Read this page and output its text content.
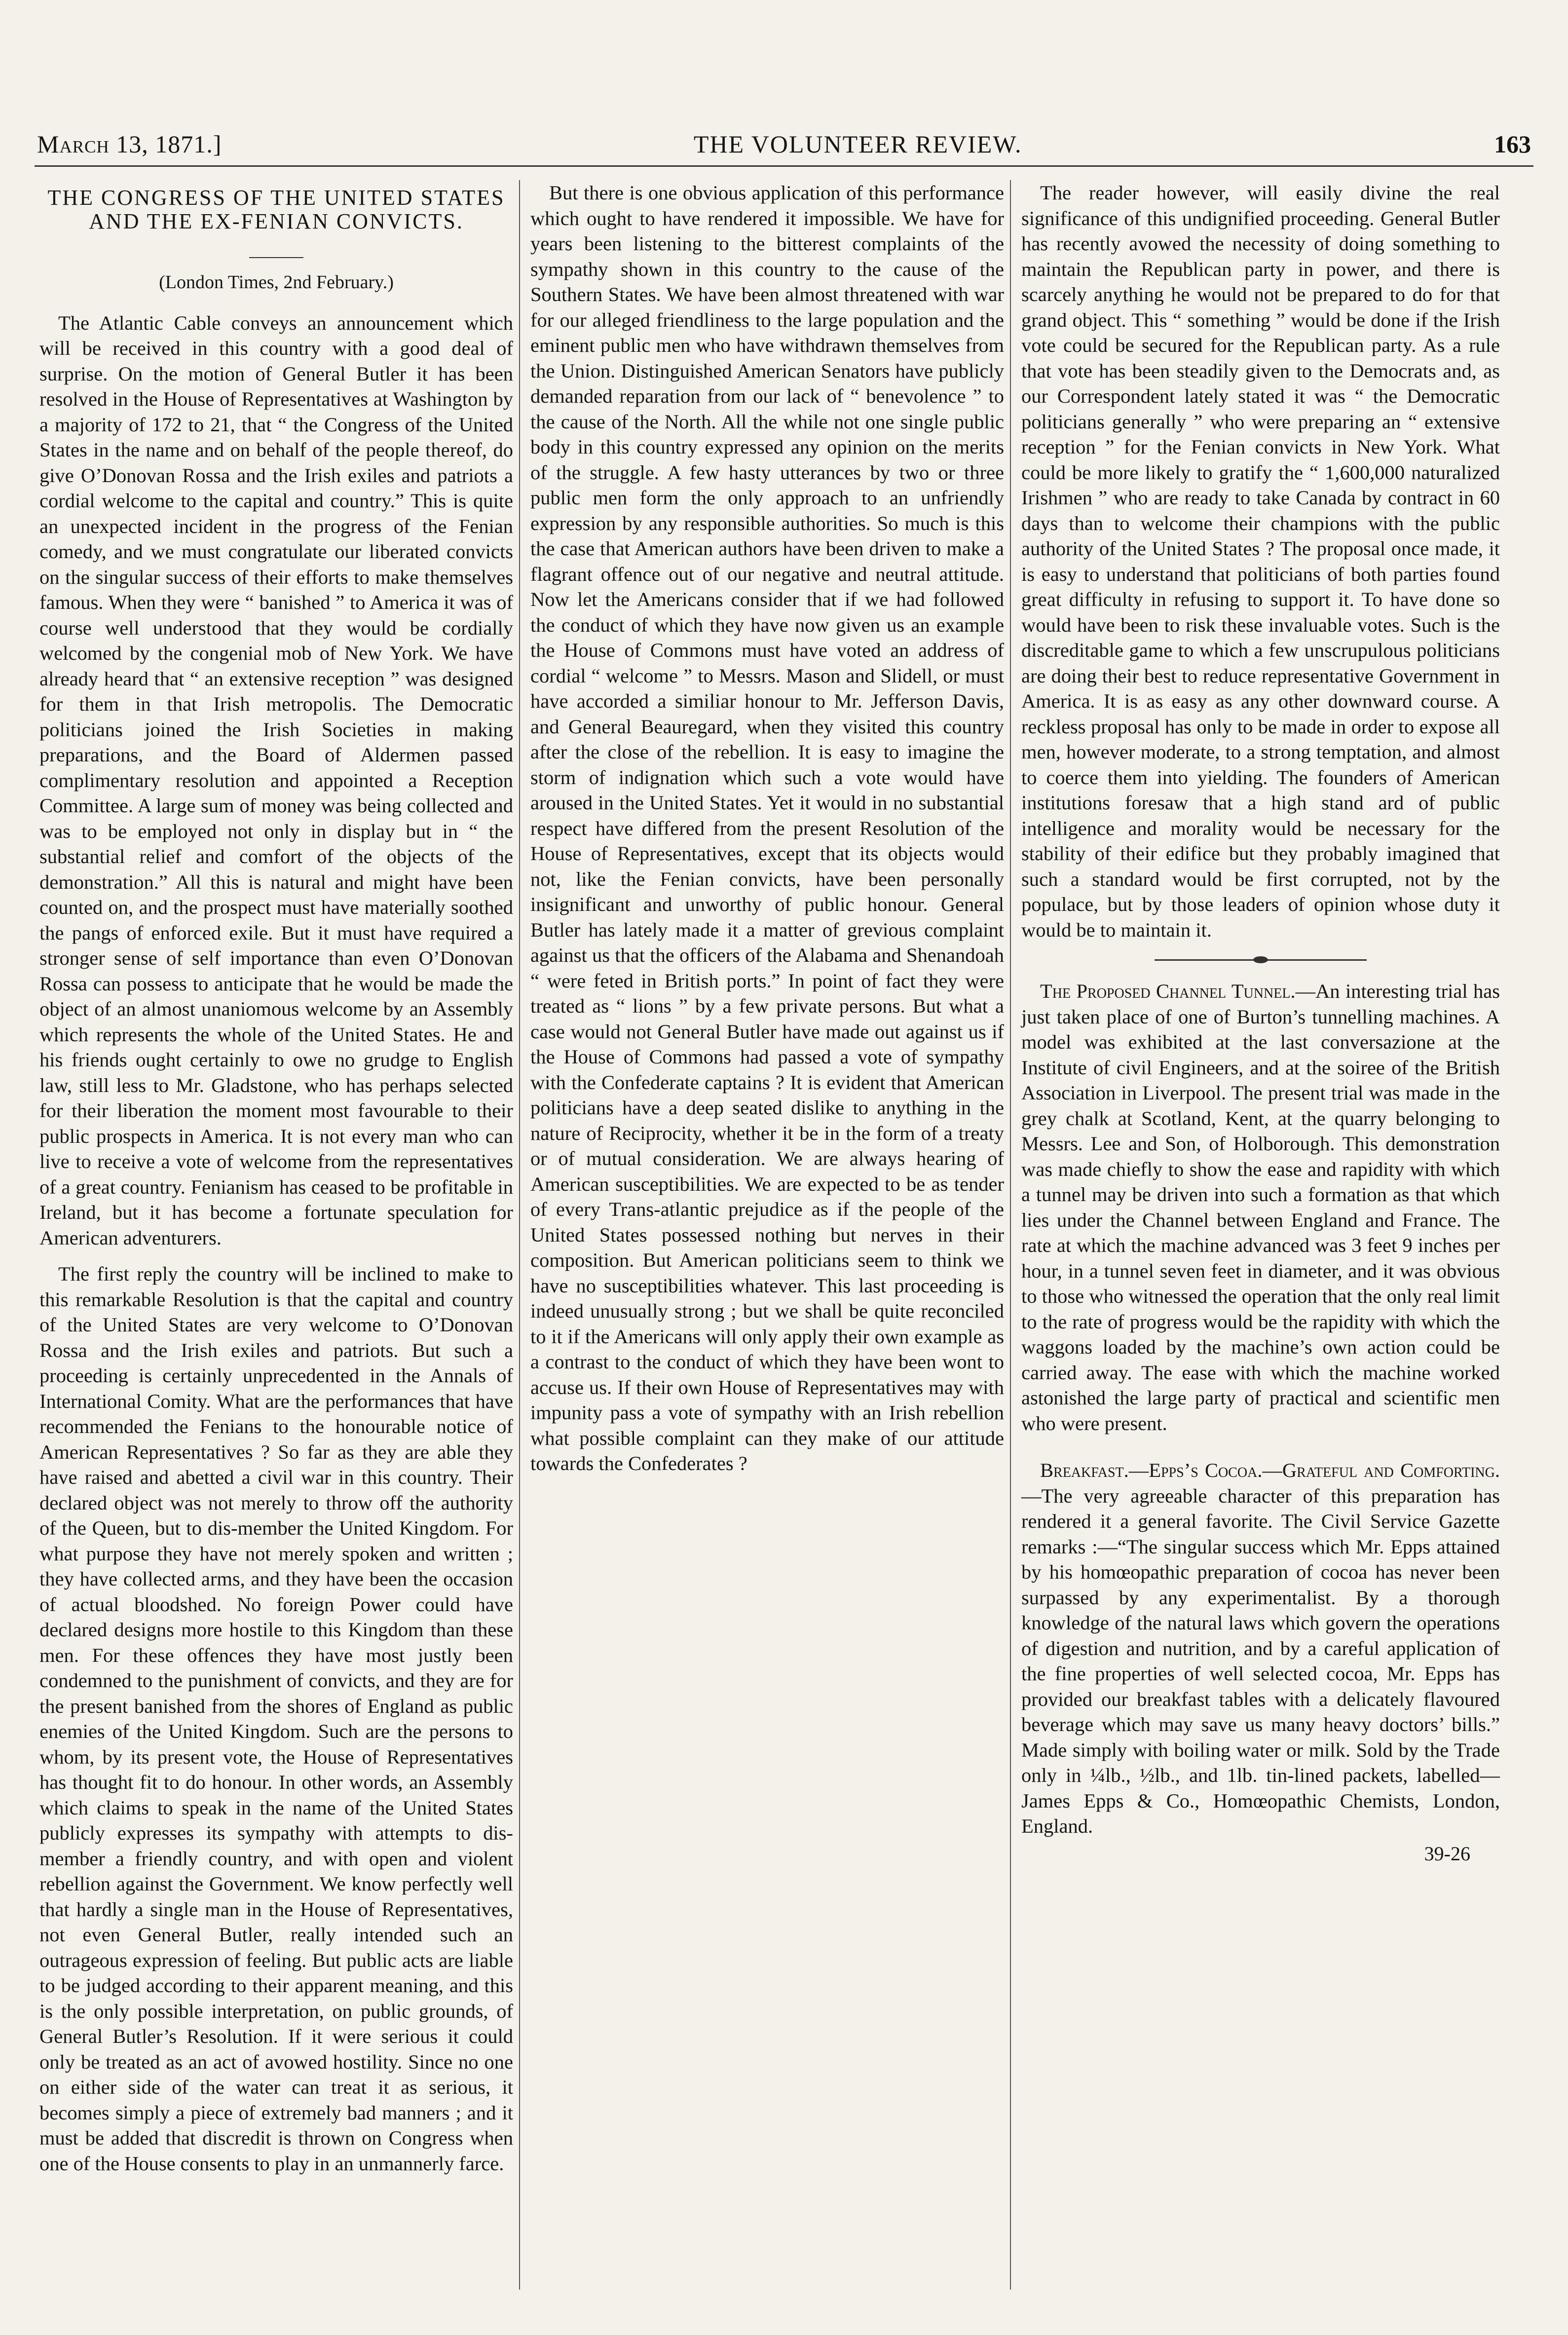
March 13, 1871.]	THE VOLUNTEER REVIEW.	163
THE CONGRESS OF THE UNITED STATES AND THE EX-FENIAN CONVICTS.
(London Times, 2nd February.)

The Atlantic Cable conveys an announcement which will be received in this country with a good deal of surprise. On the motion of General Butler it has been resolved in the House of Representatives at Washington by a majority of 172 to 21, that “ the Congress of the United States in the name and on behalf of the people thereof, do give O’Donovan Rossa and the Irish exiles and patriots a cordial welcome to the capital and country.” This is quite an unexpected incident in the progress of the Fenian comedy, and we must congratulate our liberated convicts on the singular success of their efforts to make themselves famous. When they were “ banished ” to America it was of course well understood that they would be cordially welcomed by the congenial mob of New York. We have already heard that “ an extensive reception ” was designed for them in that Irish metropolis. The Democratic politicians joined the Irish Societies in making preparations, and the Board of Aldermen passed complimentary resolution and appointed a Reception Committee. A large sum of money was being collected and was to be employed not only in display but in “ the substantial relief and comfort of the objects of the demonstration.” All this is natural and might have been counted on, and the prospect must have materially soothed the pangs of enforced exile. But it must have required a stronger sense of self importance than even O’Donovan Rossa can possess to anticipate that he would be made the object of an almost unaniomous welcome by an Assembly which represents the whole of the United States. He and his friends ought certainly to owe no grudge to English law, still less to Mr. Gladstone, who has perhaps selected for their liberation the moment most favourable to their public prospects in America. It is not every man who can live to receive a vote of welcome from the representatives of a great country. Fenianism has ceased to be profitable in Ireland, but it has become a fortunate speculation for American adventurers.

The first reply the country will be inclined to make to this remarkable Resolution is that the capital and country of the United States are very welcome to O’Donovan Rossa and the Irish exiles and patriots. But such a proceeding is certainly unprecedented in the Annals of International Comity. What are the performances that have recommended the Fenians to the honourable notice of American Representatives ? So far as they are able they have raised and abetted a civil war in this country. Their declared object was not merely to throw off the authority of the Queen, but to dis-member the United Kingdom. For what purpose they have not merely spoken and written ; they have collected arms, and they have been the occasion of actual bloodshed. No foreign Power could have declared designs more hostile to this Kingdom than these men. For these offences they have most justly been condemned to the punishment of convicts, and they are for the present banished from the shores of England as public enemies of the United Kingdom. Such are the persons to whom, by its present vote, the House of Representatives has thought fit to do honour. In other words, an Assembly which claims to speak in the name of the United States publicly expresses its sympathy with attempts to dis-member a friendly country, and with open and violent rebellion against the Government. We know perfectly well that hardly a single man in the House of Representatives, not even General Butler, really intended such an outrageous expression of feeling. But public acts are liable to be judged according to their apparent meaning, and this is the only possible interpretation, on public grounds, of General Butler’s Resolution. If it were serious it could only be treated as an act of avowed hostility. Since no one on either side of the water can treat it as serious, it becomes simply a piece of extremely bad manners ; and it must be added that discredit is thrown on Congress when one of the House consents to play in an unmannerly farce.

But there is one obvious application of this performance which ought to have rendered it impossible. We have for years been listening to the bitterest complaints of the sympathy shown in this country to the cause of the Southern States. We have been almost threatened with war for our alleged friendliness to the large population and the eminent public men who have withdrawn themselves from the Union. Distinguished American Senators have publicly demanded reparation from our lack of “ benevolence ” to the cause of the North. All the while not one single public body in this country expressed any opinion on the merits of the struggle. A few hasty utterances by two or three public men form the only approach to an unfriendly expression by any responsible authorities. So much is this the case that American authors have been driven to make a flagrant offence out of our negative and neutral attitude. Now let the Americans consider that if we had followed the conduct of which they have now given us an example the House of Commons must have voted an address of cordial “ welcome ” to Messrs. Mason and Slidell, or must have accorded a similiar honour to Mr. Jefferson Davis, and General Beauregard, when they visited this country after the close of the rebellion. It is easy to imagine the storm of indignation which such a vote would have aroused in the United States. Yet it would in no substantial respect have differed from the present Resolution of the House of Representatives, except that its objects would not, like the Fenian convicts, have been personally insignificant and unworthy of public honour. General Butler has lately made it a matter of grevious complaint against us that the officers of the Alabama and Shenandoah “ were feted in British ports.” In point of fact they were treated as “ lions ” by a few private persons. But what a case would not General Butler have made out against us if the House of Commons had passed a vote of sympathy with the Confederate captains ? It is evident that American politicians have a deep seated dislike to anything in the nature of Reciprocity, whether it be in the form of a treaty or of mutual consideration. We are always hearing of American susceptibilities. We are expected to be as tender of every Trans-atlantic prejudice as if the people of the United States possessed nothing but nerves in their composition. But American politicians seem to think we have no susceptibilities whatever. This last proceeding is indeed unusually strong ; but we shall be quite reconciled to it if the Americans will only apply their own example as a contrast to the conduct of which they have been wont to accuse us. If their own House of Representatives may with impunity pass a vote of sympathy with an Irish rebellion what possible complaint can they make of our attitude towards the Confederates ?

The reader however, will easily divine the real significance of this undignified proceeding. General Butler has recently avowed the necessity of doing something to maintain the Republican party in power, and there is scarcely anything he would not be prepared to do for that grand object. This “ something ” would be done if the Irish vote could be secured for the Republican party. As a rule that vote has been steadily given to the Democrats and, as our Correspondent lately stated it was “ the Democratic politicians generally ” who were preparing an “ extensive reception ” for the Fenian convicts in New York. What could be more likely to gratify the “ 1,600,000 naturalized Irishmen ” who are ready to take Canada by contract in 60 days than to welcome their champions with the public authority of the United States ? The proposal once made, it is easy to understand that politicians of both parties found great difficulty in refusing to support it. To have done so would have been to risk these invaluable votes. Such is the discreditable game to which a few unscrupulous politicians are doing their best to reduce representative Government in America. It is as easy as any other downward course. A reckless proposal has only to be made in order to expose all men, however moderate, to a strong temptation, and almost to coerce them into yielding. The founders of American institutions foresaw that a high stand ard of public intelligence and morality would be necessary for the stability of their edifice but they probably imagined that such a standard would be first corrupted, not by the populace, but by those leaders of opinion whose duty it would be to maintain it.

The Proposed Channel Tunnel.—An interesting trial has just taken place of one of Burton’s tunnelling machines. A model was exhibited at the last conversazione at the Institute of civil Engineers, and at the soiree of the British Association in Liverpool. The present trial was made in the grey chalk at Scotland, Kent, at the quarry belonging to Messrs. Lee and Son, of Holborough. This demonstration was made chiefly to show the ease and rapidity with which a tunnel may be driven into such a formation as that which lies under the Channel between England and France. The rate at which the machine advanced was 3 feet 9 inches per hour, in a tunnel seven feet in diameter, and it was obvious to those who witnessed the operation that the only real limit to the rate of progress would be the rapidity with which the waggons loaded by the machine’s own action could be carried away. The ease with which the machine worked astonished the large party of practical and scientific men who were present.

Breakfast.—Epps’s Cocoa.—Grateful and Comforting.—The very agreeable character of this preparation has rendered it a general favorite. The Civil Service Gazette remarks :—“The singular success which Mr. Epps attained by his homœopathic preparation of cocoa has never been surpassed by any experimentalist. By a thorough knowledge of the natural laws which govern the operations of digestion and nutrition, and by a careful application of the fine properties of well selected cocoa, Mr. Epps has provided our breakfast tables with a delicately flavoured beverage which may save us many heavy doctors’ bills.” Made simply with boiling water or milk. Sold by the Trade only in ¼lb., ½lb., and 1lb. tin-lined packets, labelled—James Epps & Co., Homœopathic Chemists, London, England.

39-26
